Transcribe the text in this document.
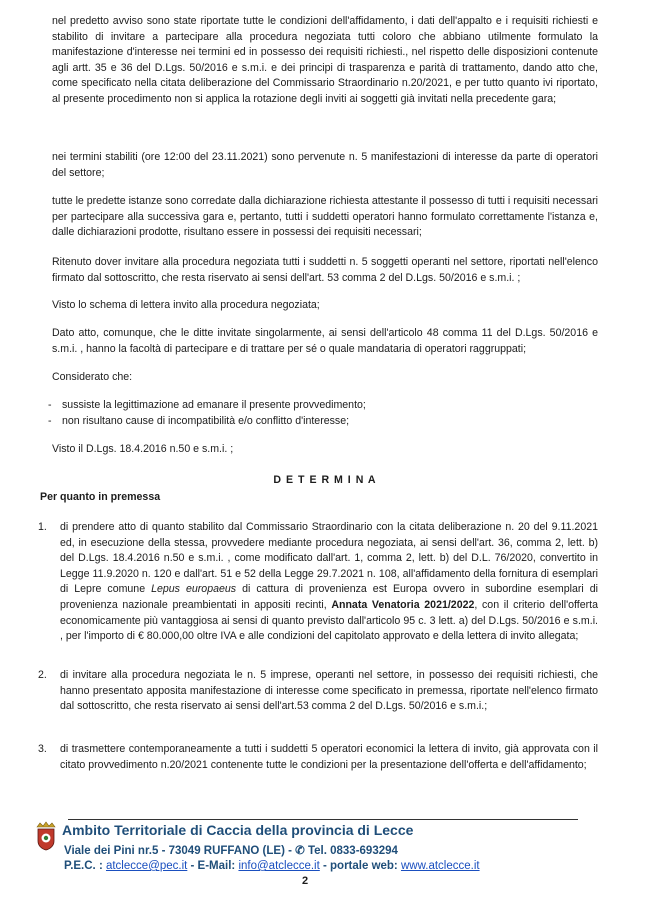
nel predetto avviso sono state riportate tutte le condizioni dell'affidamento, i dati dell'appalto e i requisiti richiesti e stabilito di invitare a partecipare alla procedura negoziata tutti coloro che abbiano utilmente formulato la manifestazione d'interesse nei termini ed in possesso dei requisiti richiesti., nel rispetto delle disposizioni contenute agli artt. 35 e 36 del D.Lgs. 50/2016 e s.m.i. e dei principi di trasparenza e parità di trattamento, dando atto che, come specificato nella citata deliberazione del Commissario Straordinario n.20/2021, e per tutto quanto ivi riportato, al presente procedimento non si applica la rotazione degli inviti ai soggetti già invitati nella precedente gara;
nei termini stabiliti (ore 12:00 del 23.11.2021) sono pervenute n. 5 manifestazioni di interesse da parte di operatori del settore;
tutte le predette istanze sono corredate dalla dichiarazione richiesta attestante il possesso di tutti i requisiti necessari per partecipare alla successiva gara e, pertanto, tutti i suddetti operatori hanno formulato correttamente l'istanza e, dalle dichiarazioni prodotte, risultano essere in possessi dei requisiti necessari;
Ritenuto dover invitare alla procedura negoziata tutti i suddetti n. 5 soggetti operanti nel settore, riportati nell'elenco firmato dal sottoscritto, che resta riservato ai sensi dell'art. 53 comma 2 del D.Lgs. 50/2016 e s.m.i. ;
Visto lo schema di lettera invito alla procedura negoziata;
Dato atto, comunque, che le ditte invitate singolarmente, ai sensi dell'articolo 48 comma 11 del D.Lgs. 50/2016 e s.m.i. , hanno la facoltà di partecipare e di trattare per sé o quale mandataria di operatori raggruppati;
Considerato che:
- sussiste la legittimazione ad emanare il presente provvedimento;
- non risultano cause di incompatibilità e/o conflitto d'interesse;
Visto il D.Lgs. 18.4.2016 n.50 e s.m.i. ;
D E T E R M I N A
Per quanto in premessa
1. di prendere atto di quanto stabilito dal Commissario Straordinario con la citata deliberazione n. 20 del 9.11.2021 ed, in esecuzione della stessa, provvedere mediante procedura negoziata, ai sensi dell'art. 36, comma 2, lett. b) del D.Lgs. 18.4.2016 n.50 e s.m.i. , come modificato dall'art. 1, comma 2, lett. b) del D.L. 76/2020, convertito in Legge 11.9.2020 n. 120 e dall'art. 51 e 52 della Legge 29.7.2021 n. 108, all'affidamento della fornitura di esemplari di Lepre comune Lepus europaeus di cattura di provenienza est Europa ovvero in subordine esemplari di provenienza nazionale preambientati in appositi recinti, Annata Venatoria 2021/2022, con il criterio dell'offerta economicamente più vantaggiosa ai sensi di quanto previsto dall'articolo 95 c. 3 lett. a) del D.Lgs. 50/2016 e s.m.i. , per l'importo di € 80.000,00 oltre IVA e alle condizioni del capitolato approvato e della lettera di invito allegata;
2. di invitare alla procedura negoziata le n. 5 imprese, operanti nel settore, in possesso dei requisiti richiesti, che hanno presentato apposita manifestazione di interesse come specificato in premessa, riportate nell'elenco firmato dal sottoscritto, che resta riservato ai sensi dell'art.53 comma 2 del D.Lgs. 50/2016 e s.m.i.;
3. di trasmettere contemporaneamente a tutti i suddetti 5 operatori economici la lettera di invito, già approvata con il citato provvedimento n.20/2021 contenente tutte le condizioni per la presentazione dell'offerta e dell'affidamento;
Ambito Territoriale di Caccia della provincia di Lecce
Viale dei Pini nr.5 - 73049 RUFFANO (LE) - ✆ Tel. 0833-693294
P.E.C. : atclecce@pec.it - E-Mail: info@atclecce.it - portale web: www.atclecce.it
2
